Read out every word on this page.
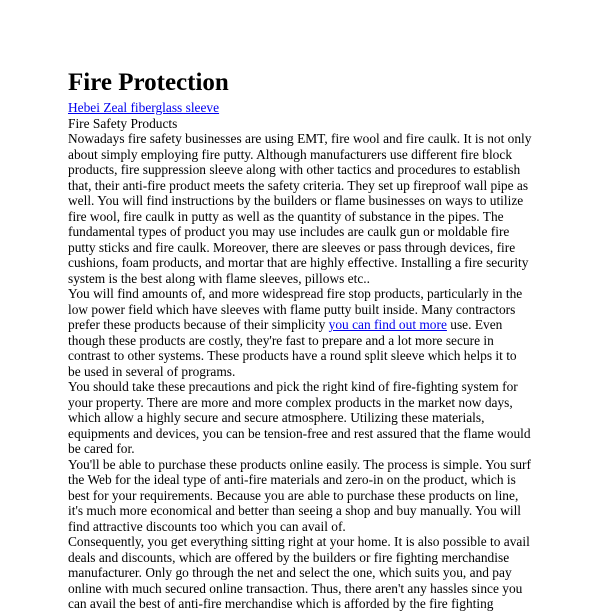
Fire Protection
Hebei Zeal fiberglass sleeve
Fire Safety Products
Nowadays fire safety businesses are using EMT, fire wool and fire caulk. It is not only
about simply employing fire putty. Although manufacturers use different fire block
products, fire suppression sleeve along with other tactics and procedures to establish
that, their anti-fire product meets the safety criteria. They set up fireproof wall pipe as
well. You will find instructions by the builders or flame businesses on ways to utilize
fire wool, fire caulk in putty as well as the quantity of substance in the pipes. The
fundamental types of product you may use includes are caulk gun or moldable fire
putty sticks and fire caulk. Moreover, there are sleeves or pass through devices, fire
cushions, foam products, and mortar that are highly effective. Installing a fire security
system is the best along with flame sleeves, pillows etc..
You will find amounts of, and more widespread fire stop products, particularly in the
low power field which have sleeves with flame putty built inside. Many contractors
prefer these products because of their simplicity you can find out more use. Even
though these products are costly, they're fast to prepare and a lot more secure in
contrast to other systems. These products have a round split sleeve which helps it to
be used in several of programs.
You should take these precautions and pick the right kind of fire-fighting system for
your property. There are more and more complex products in the market now days,
which allow a highly secure and secure atmosphere. Utilizing these materials,
equipments and devices, you can be tension-free and rest assured that the flame would
be cared for.
You'll be able to purchase these products online easily. The process is simple. You surf
the Web for the ideal type of anti-fire materials and zero-in on the product, which is
best for your requirements. Because you are able to purchase these products on line,
it's much more economical and better than seeing a shop and buy manually. You will
find attractive discounts too which you can avail of.
Consequently, you get everything sitting right at your home. It is also possible to avail
deals and discounts, which are offered by the builders or fire fighting merchandise
manufacturer. Only go through the net and select the one, which suits you, and pay
online with much secured online transaction. Thus, there aren't any hassles since you
can avail the best of anti-fire merchandise which is afforded by the fire fighting
